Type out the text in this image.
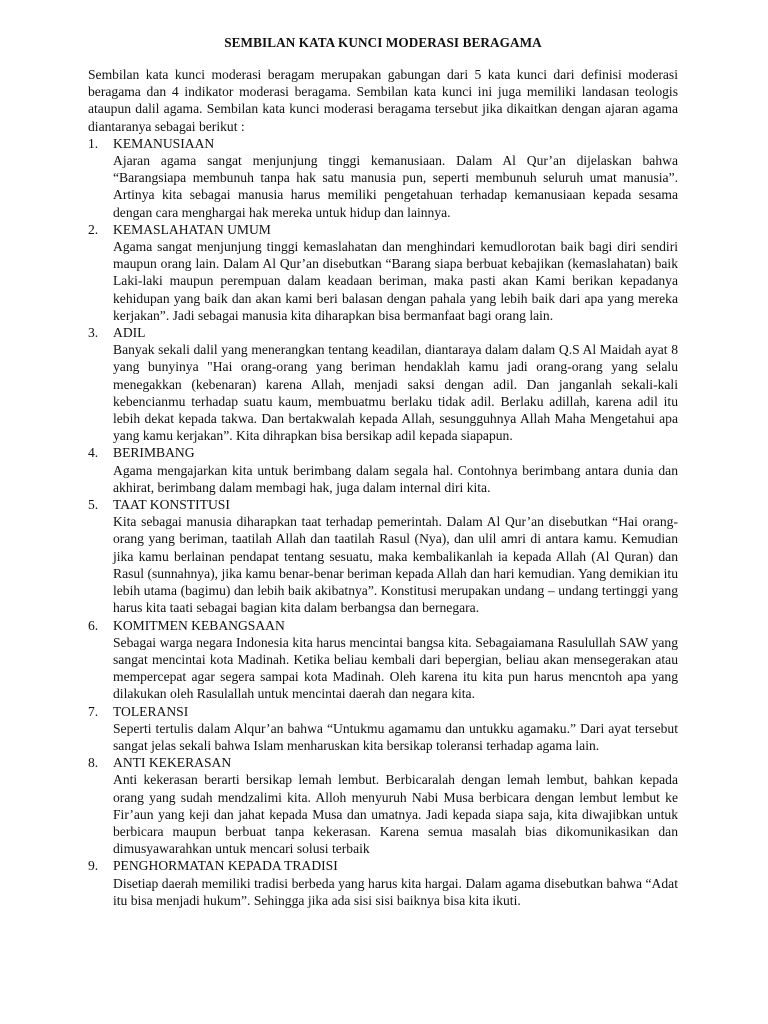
SEMBILAN KATA KUNCI MODERASI BERAGAMA

Sembilan kata kunci moderasi beragam merupakan gabungan dari 5 kata kunci dari definisi moderasi beragama dan 4 indikator moderasi beragama. Sembilan kata kunci ini juga memiliki landasan teologis ataupun dalil agama. Sembilan kata kunci moderasi beragama tersebut jika dikaitkan dengan ajaran agama diantaranya sebagai berikut :

1. KEMANUSIAAN

Ajaran agama sangat menjunjung tinggi kemanusiaan. Dalam Al Qur’an dijelaskan bahwa “Barangsiapa membunuh tanpa hak satu manusia pun, seperti membunuh seluruh umat manusia”. Artinya kita sebagai manusia harus memiliki pengetahuan terhadap kemanusiaan kepada sesama dengan cara menghargai hak mereka untuk hidup dan lainnya.

2. KEMASLAHATAN UMUM

Agama sangat menjunjung tinggi kemaslahatan dan menghindari kemudlorotan baik bagi diri sendiri maupun orang lain. Dalam Al Qur’an disebutkan “Barang siapa berbuat kebajikan (kemaslahatan) baik Laki-laki maupun perempuan dalam keadaan beriman, maka pasti akan Kami berikan kepadanya kehidupan yang baik dan akan kami beri balasan dengan pahala yang lebih baik dari apa yang mereka kerjakan”. Jadi sebagai manusia kita diharapkan bisa bermanfaat bagi orang lain.

3. ADIL

Banyak sekali dalil yang menerangkan tentang keadilan, diantaraya dalam dalam Q.S Al Maidah ayat 8 yang bunyinya "Hai orang-orang yang beriman hendaklah kamu jadi orang-orang yang selalu menegakkan (kebenaran) karena Allah, menjadi saksi dengan adil. Dan janganlah sekali-kali kebencianmu terhadap suatu kaum, membuatmu berlaku tidak adil. Berlaku adillah, karena adil itu lebih dekat kepada takwa. Dan bertakwalah kepada Allah, sesungguhnya Allah Maha Mengetahui apa yang kamu kerjakan”. Kita dihrapkan bisa bersikap adil kepada siapapun.

4. BERIMBANG

Agama mengajarkan kita untuk berimbang dalam segala hal. Contohnya berimbang antara dunia dan akhirat, berimbang dalam membagi hak, juga dalam internal diri kita.

5. TAAT KONSTITUSI

Kita sebagai manusia diharapkan taat terhadap pemerintah. Dalam Al Qur’an disebutkan “Hai orang-orang yang beriman, taatilah Allah dan taatilah Rasul (Nya), dan ulil amri di antara kamu. Kemudian jika kamu berlainan pendapat tentang sesuatu, maka kembalikanlah ia kepada Allah (Al Quran) dan Rasul (sunnahnya), jika kamu benar-benar beriman kepada Allah dan hari kemudian. Yang demikian itu lebih utama (bagimu) dan lebih baik akibatnya”. Konstitusi merupakan undang – undang tertinggi yang harus kita taati sebagai bagian kita dalam berbangsa dan bernegara.

6. KOMITMEN KEBANGSAAN

Sebagai warga negara Indonesia kita harus mencintai bangsa kita. Sebagaiamana Rasulullah SAW yang sangat mencintai kota Madinah. Ketika beliau kembali dari bepergian, beliau akan mensegerakan atau mempercepat agar segera sampai kota Madinah. Oleh karena itu kita pun harus mencntoh apa yang dilakukan oleh Rasulallah untuk mencintai daerah dan negara kita.

7. TOLERANSI

Seperti tertulis dalam Alqur’an bahwa “Untukmu agamamu dan untukku agamaku.” Dari ayat tersebut sangat jelas sekali bahwa Islam menharuskan kita bersikap toleransi terhadap agama lain.

8. ANTI KEKERASAN

Anti kekerasan berarti bersikap lemah lembut. Berbicaralah dengan lemah lembut, bahkan kepada orang yang sudah mendzalimi kita. Alloh menyuruh Nabi Musa berbicara dengan lembut lembut ke Fir’aun yang keji dan jahat kepada Musa dan umatnya. Jadi kepada siapa saja, kita diwajibkan untuk berbicara maupun berbuat tanpa kekerasan. Karena semua masalah bias dikomunikasikan dan dimusyawarahkan untuk mencari solusi terbaik

9. PENGHORMATAN KEPADA TRADISI

Disetiap daerah memiliki tradisi berbeda yang harus kita hargai. Dalam agama disebutkan bahwa “Adat itu bisa menjadi hukum”. Sehingga jika ada sisi sisi baiknya bisa kita ikuti.
